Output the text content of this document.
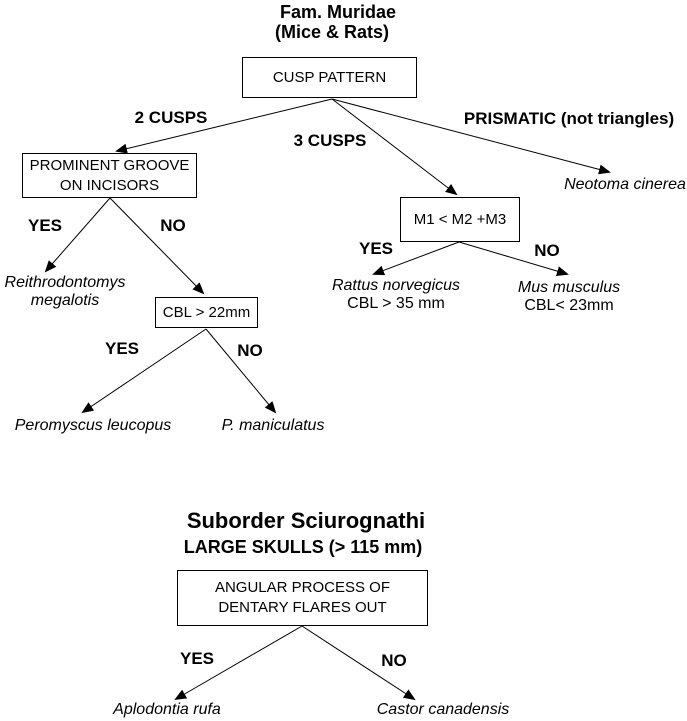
Fam. Muridae
(Mice & Rats)
CUSP PATTERN
2 CUSPS
3 CUSPS
PRISMATIC (not triangles)
Neotoma cinerea
PROMINENT GROOVE
ON INCISORS
YES	NO
Reithrodontomys
megalotis
CBL > 22mm
YES	NO
Peromyscus leucopus	P. maniculatus
M1 < M2 +M3
YES	NO
Rattus norvegicus
CBL > 35 mm
Mus musculus
CBL< 23mm
Suborder Sciurognathi
LARGE SKULLS (> 115 mm)
ANGULAR PROCESS OF
DENTARY FLARES OUT
YES	NO
Aplodontia rufa	Castor canadensis
